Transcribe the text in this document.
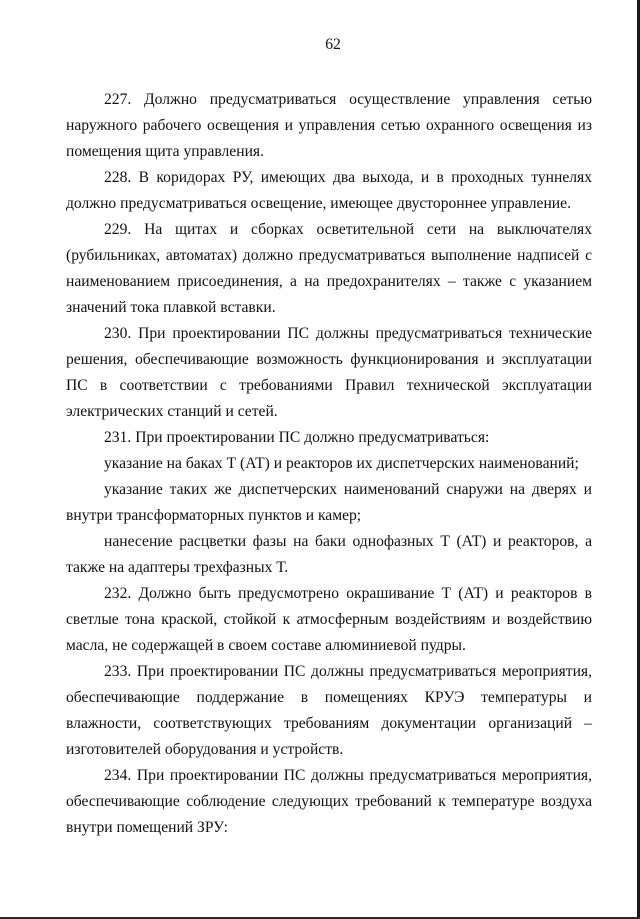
62

227. Должно предусматриваться осуществление управления сетью наружного рабочего освещения и управления сетью охранного освещения из помещения щита управления.

228. В коридорах РУ, имеющих два выхода, и в проходных туннелях должно предусматриваться освещение, имеющее двустороннее управление.

229. На щитах и сборках осветительной сети на выключателях (рубильниках, автоматах) должно предусматриваться выполнение надписей с наименованием присоединения, а на предохранителях – также с указанием значений тока плавкой вставки.

230. При проектировании ПС должны предусматриваться технические решения, обеспечивающие возможность функционирования и эксплуатации ПС в соответствии с требованиями Правил технической эксплуатации электрических станций и сетей.

231. При проектировании ПС должно предусматриваться:

указание на баках Т (АТ) и реакторов их диспетчерских наименований;

указание таких же диспетчерских наименований снаружи на дверях и внутри трансформаторных пунктов и камер;

нанесение расцветки фазы на баки однофазных Т (АТ) и реакторов, а также на адаптеры трехфазных Т.

232. Должно быть предусмотрено окрашивание Т (АТ) и реакторов в светлые тона краской, стойкой к атмосферным воздействиям и воздействию масла, не содержащей в своем составе алюминиевой пудры.

233. При проектировании ПС должны предусматриваться мероприятия, обеспечивающие поддержание в помещениях КРУЭ температуры и влажности, соответствующих требованиям документации организаций – изготовителей оборудования и устройств.

234. При проектировании ПС должны предусматриваться мероприятия, обеспечивающие соблюдение следующих требований к температуре воздуха внутри помещений ЗРУ:
